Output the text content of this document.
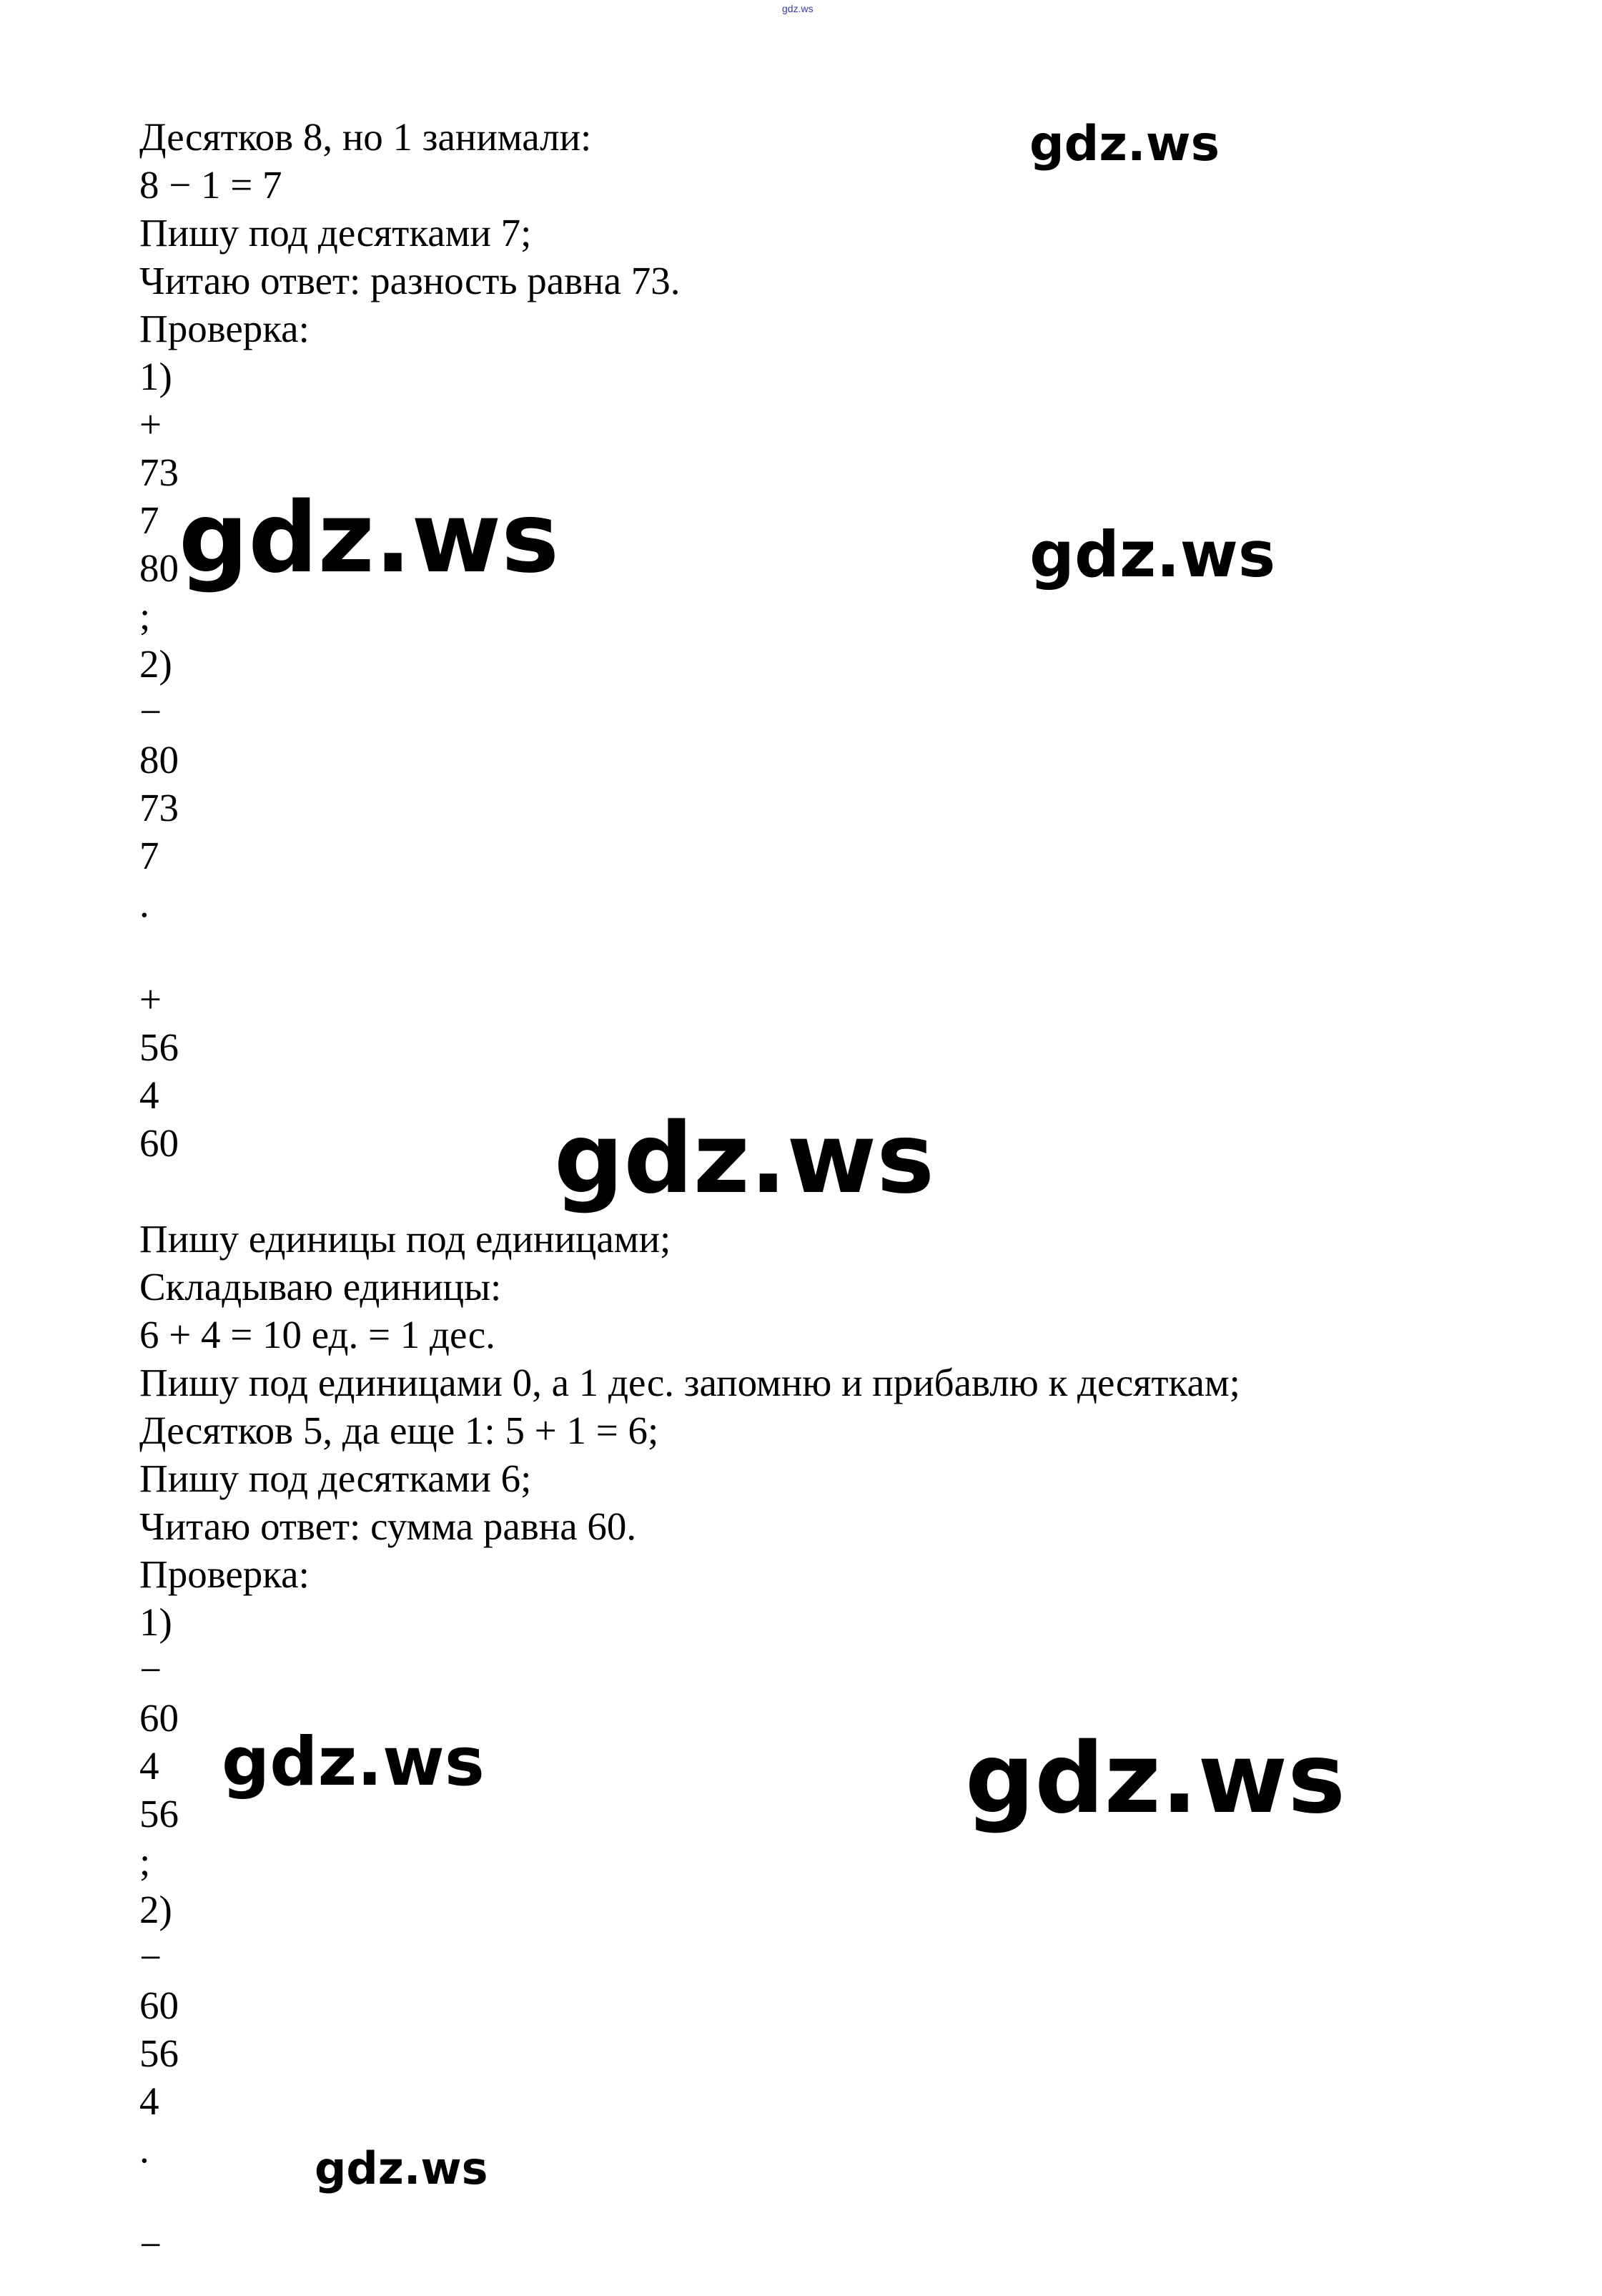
gdz.ws
Десятков 8, но 1 занимали:
8 − 1 = 7
Пишу под десятками 7;
Читаю ответ: разность равна 73.
Проверка:
1)
+
73
7
80
;
2)
−
80
73
7
.
+
56
4
60
Пишу единицы под единицами;
Складываю единицы:
6 + 4 = 10 ед. = 1 дес.
Пишу под единицами 0, а 1 дес. запомню и прибавлю к десяткам;
Десятков 5, да еще 1: 5 + 1 = 6;
Пишу под десятками 6;
Читаю ответ: сумма равна 60.
Проверка:
1)
−
60
4
56
;
2)
−
60
56
4
.
−
gdz.ws
gdz.ws	gdz.ws
gdz.ws
gdz.ws	gdz.ws
gdz.ws
